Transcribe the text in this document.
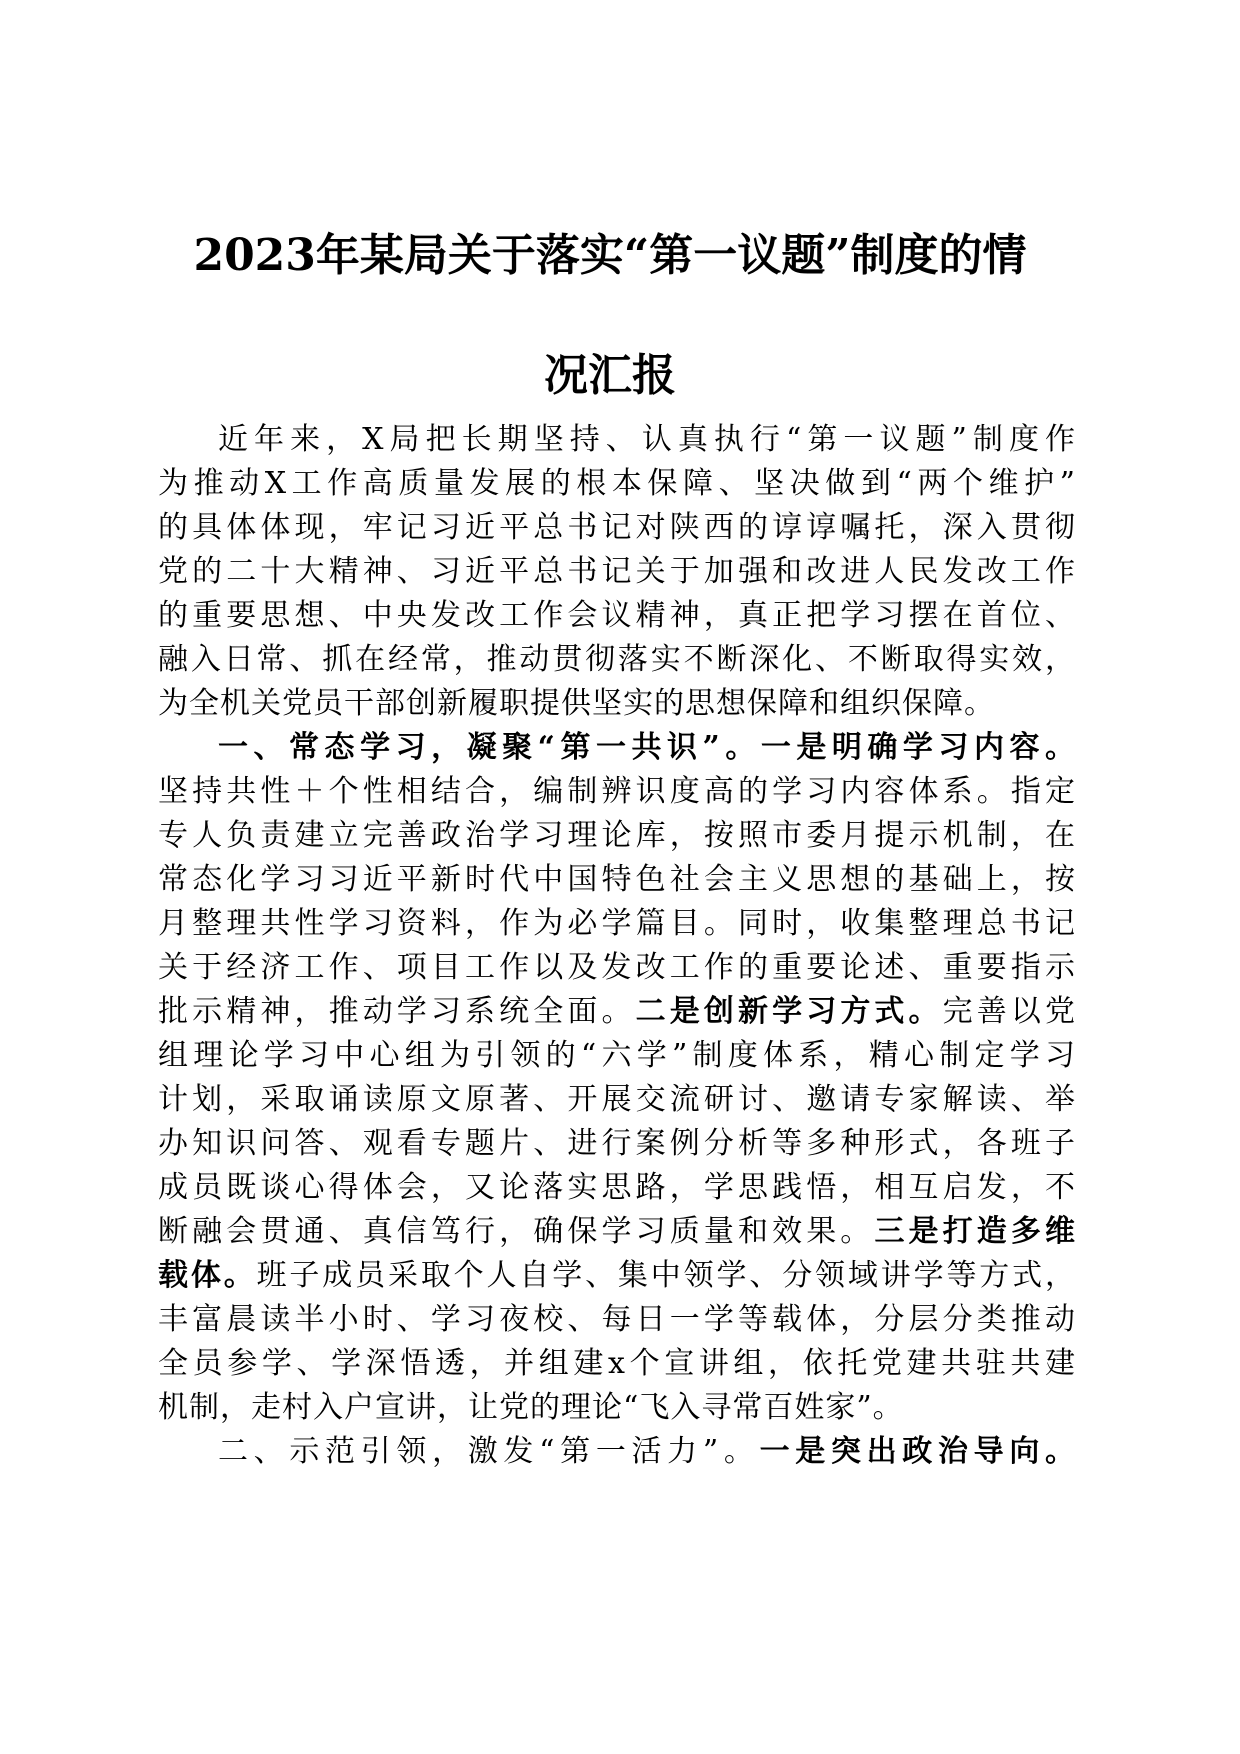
2023年某局关于落实“第一议题”制度的情
况汇报
近年来，X局把长期坚持、认真执行“第一议题”制度作
为推动X工作高质量发展的根本保障、坚决做到“两个维护”
的具体体现，牢记习近平总书记对陕西的谆谆嘱托，深入贯彻
党的二十大精神、习近平总书记关于加强和改进人民发改工作
的重要思想、中央发改工作会议精神，真正把学习摆在首位、
融入日常、抓在经常，推动贯彻落实不断深化、不断取得实效，
为全机关党员干部创新履职提供坚实的思想保障和组织保障。
一、常态学习，凝聚“第一共识”。一是明确学习内容。
坚持共性＋个性相结合，编制辨识度高的学习内容体系。指定
专人负责建立完善政治学习理论库，按照市委月提示机制，在
常态化学习习近平新时代中国特色社会主义思想的基础上，按
月整理共性学习资料，作为必学篇目。同时，收集整理总书记
关于经济工作、项目工作以及发改工作的重要论述、重要指示
批示精神，推动学习系统全面。二是创新学习方式。完善以党
组理论学习中心组为引领的“六学”制度体系，精心制定学习
计划，采取诵读原文原著、开展交流研讨、邀请专家解读、举
办知识问答、观看专题片、进行案例分析等多种形式，各班子
成员既谈心得体会，又论落实思路，学思践悟，相互启发，不
断融会贯通、真信笃行，确保学习质量和效果。三是打造多维
载体。班子成员采取个人自学、集中领学、分领域讲学等方式，
丰富晨读半小时、学习夜校、每日一学等载体，分层分类推动
全员参学、学深悟透，并组建x个宣讲组，依托党建共驻共建
机制，走村入户宣讲，让党的理论“飞入寻常百姓家”。
二、示范引领，激发“第一活力”。一是突出政治导向。
